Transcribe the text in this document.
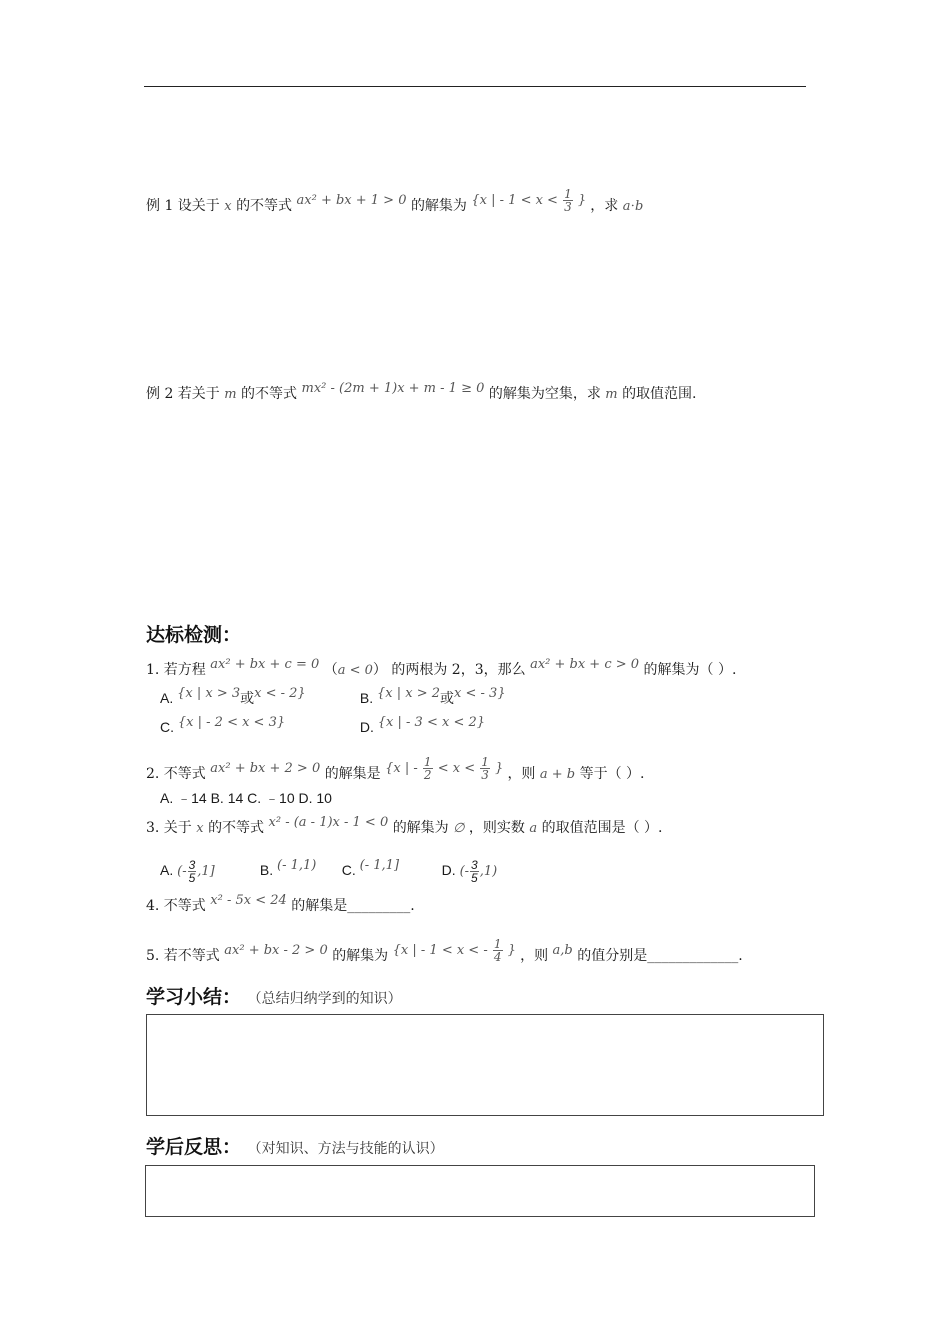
例 1 设关于 x 的不等式 ax² + bx + 1 > 0 的解集为 {x | - $1 < x < \frac{1}{3}$ } ，求 a⋅b
例 2 若关于 m 的不等式 mx² - (2m + 1)x + m - 1 ≥ 0 的解集为空集，求 m 的取值范围.
达标检测：
1. 若方程 ax² + bx + c = 0 （a < 0） 的两根为 2，3，那么 ax² + bx + c > 0 的解集为（ ）.
A. {x | x > 3或x < - 2}	B. {x | x > 2或x < - 3}
C. {x | - 2 < x < 3}	D. {x | - 3 < x < 2}
2. 不等式 ax² + bx + 2 > 0 的解集是 {x | - $\frac{1}{2} < x < \frac{1}{3}$ } ，则 a + b 等于（ ）.
A. ﹣14 B. 14 C. ﹣10 D. 10
3. 关于 x 的不等式 x² - (a - 1)x - 1 < 0 的解集为 ∅ ，则实数 a 的取值范围是（ ）.
A. (- $\frac{3}{5} ,1$]	B. (- 1,1) C. (- 1,1]	D. (- $\frac{3}{5} ,1$)
4. 不等式 x² - 5x < 24 的解集是_________.
5. 若不等式 ax² + bx - 2 > 0 的解集为 {x | - 1 < x < - $\frac{1}{4}$ } ，则 a,b 的值分别是_____________.
学习小结： （总结归纳学到的知识）
学后反思： （对知识、方法与技能的认识）
